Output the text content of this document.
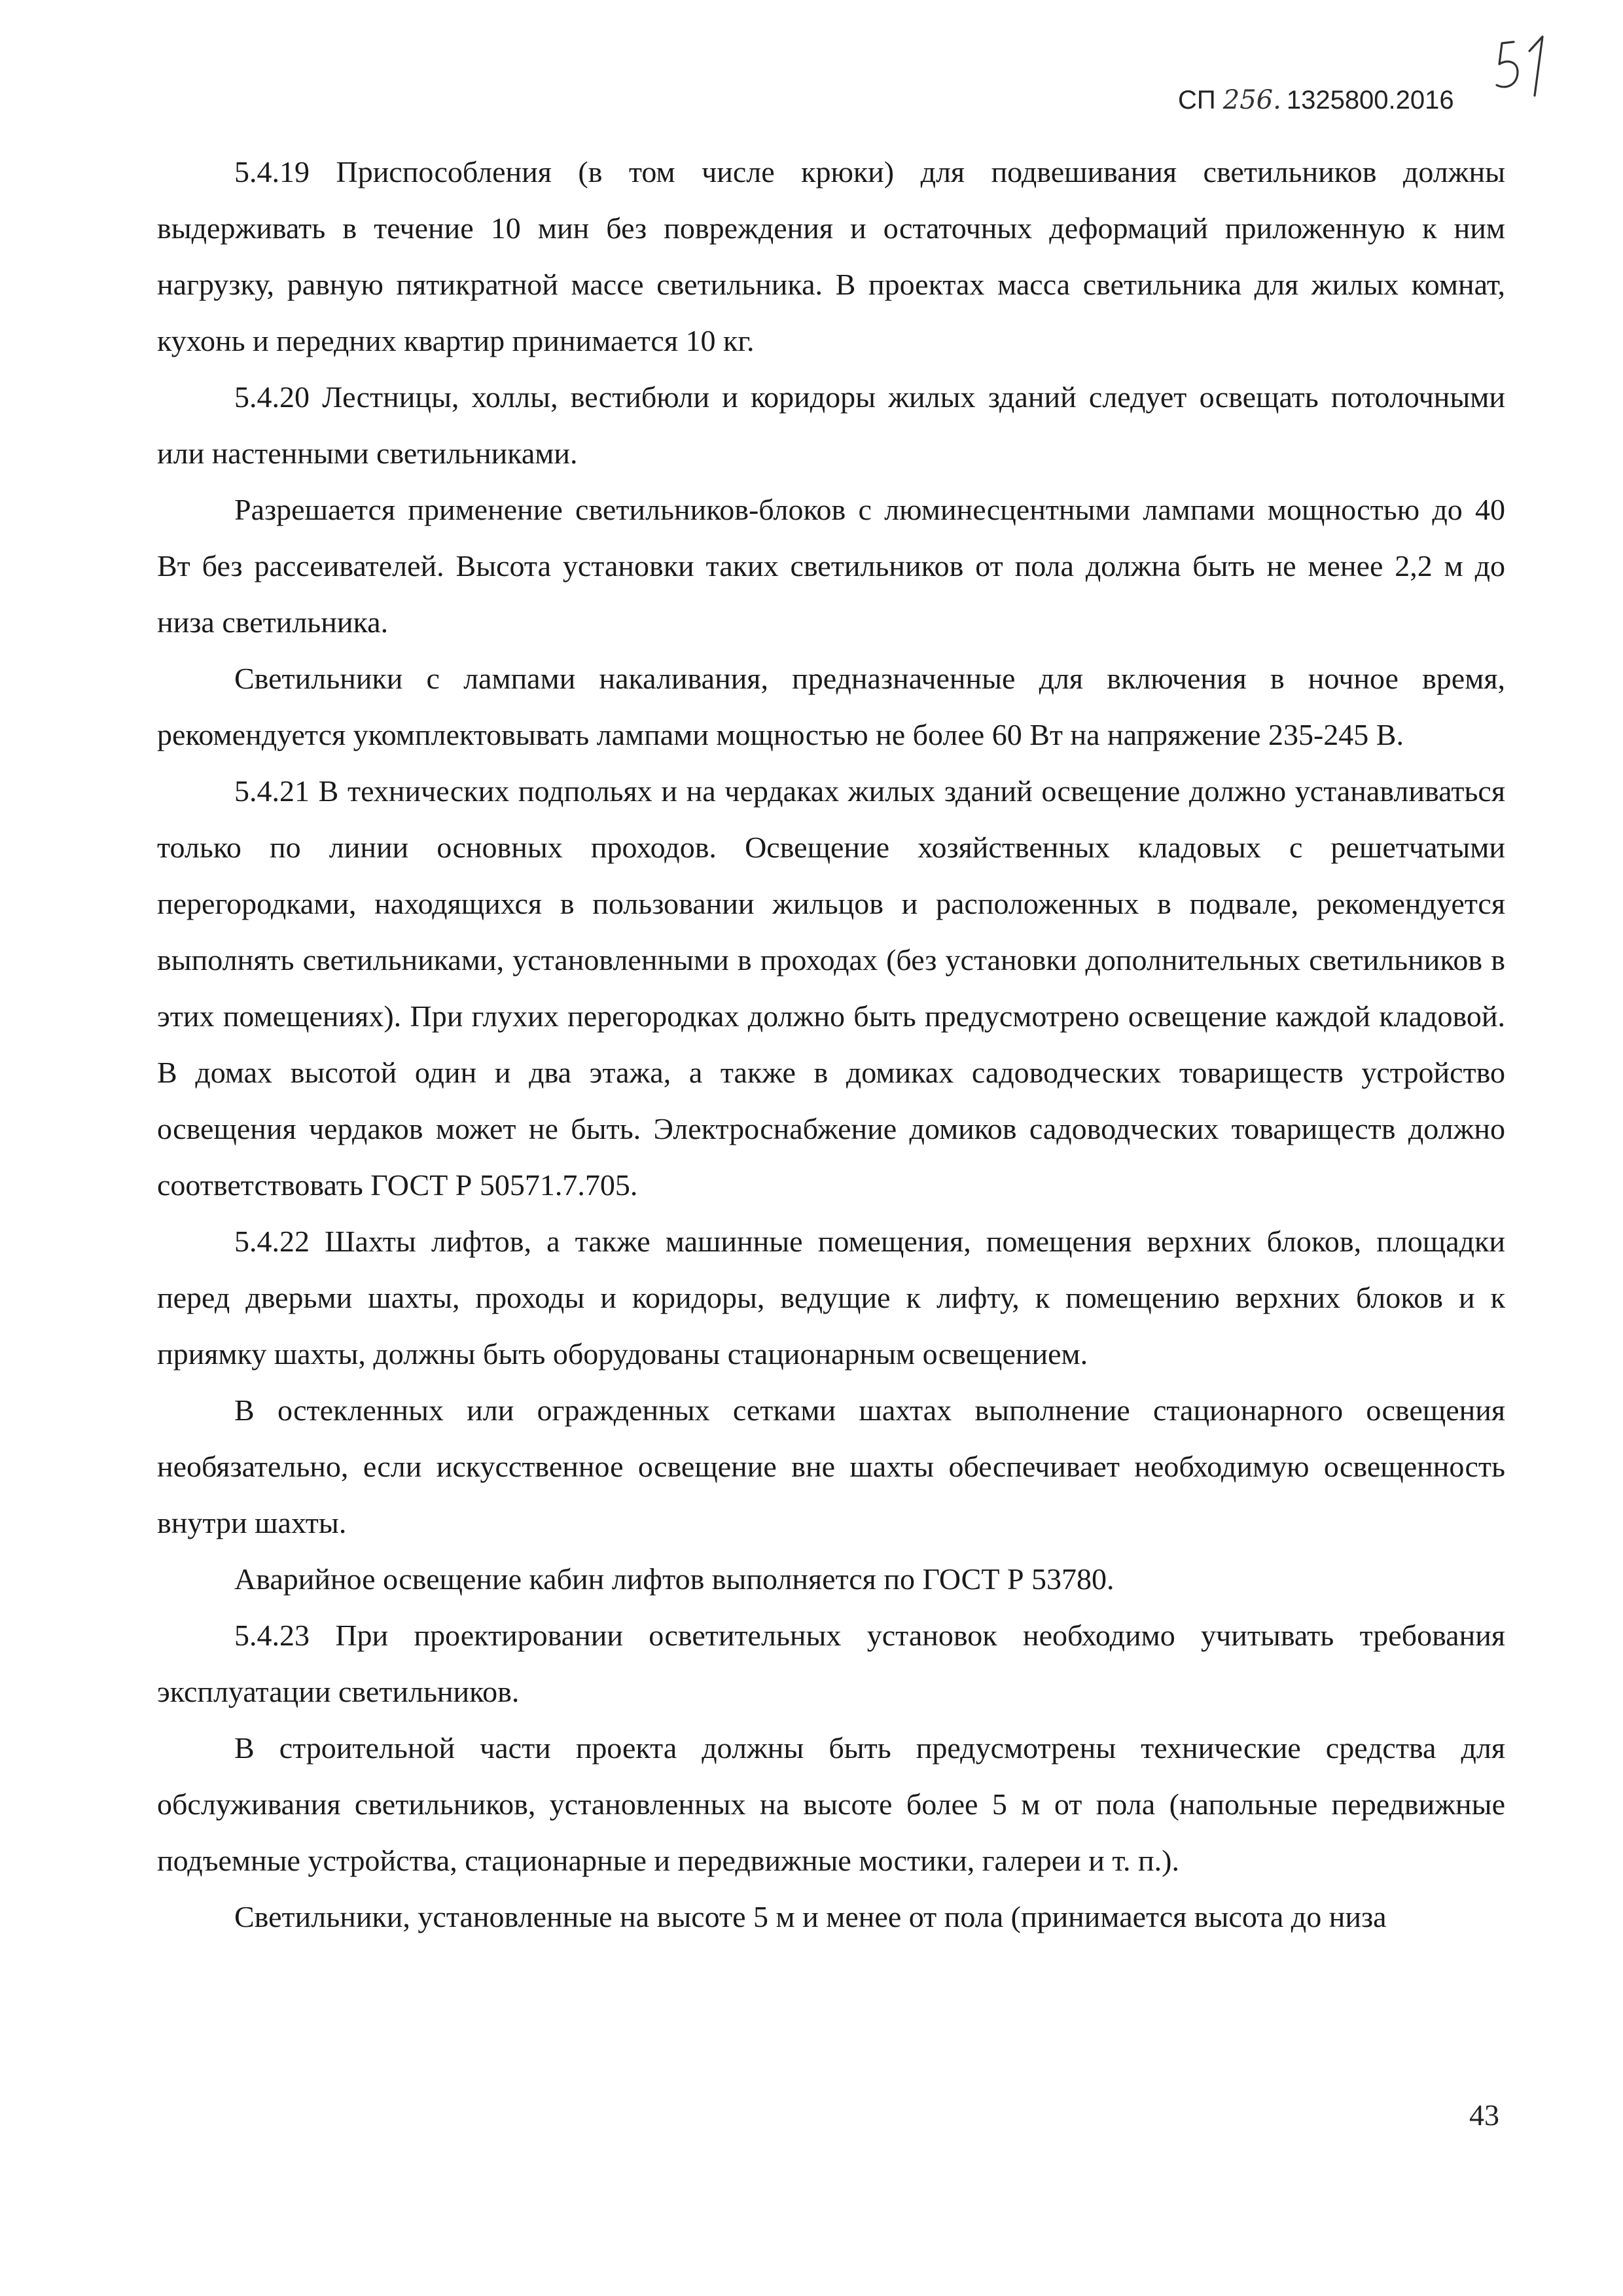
СП 256.  1325800.2016

5.4.19 Приспособления (в том числе крюки) для подвешивания светильников должны выдерживать в течение 10 мин без повреждения и остаточных деформаций приложенную к ним нагрузку, равную пятикратной массе светильника. В проектах масса светильника для жилых комнат, кухонь и передних квартир принимается 10 кг.

5.4.20 Лестницы, холлы, вестибюли и коридоры жилых зданий следует освещать потолочными или настенными светильниками.

Разрешается применение светильников-блоков с люминесцентными лампами мощностью до 40 Вт без рассеивателей. Высота установки таких светильников от пола должна быть не менее 2,2 м до низа светильника.

Светильники с лампами накаливания, предназначенные для включения в ночное время, рекомендуется укомплектовывать лампами мощностью не более 60 Вт на напряжение 235-245 В.

5.4.21 В технических подпольях и на чердаках жилых зданий освещение должно устанавливаться только по линии основных проходов. Освещение хозяйственных кладовых с решетчатыми перегородками, находящихся в пользовании жильцов и расположенных в подвале, рекомендуется выполнять светильниками, установленными в проходах (без установки дополнительных светильников в этих помещениях). При глухих перегородках должно быть предусмотрено освещение каждой кладовой. В домах высотой один и два этажа, а также в домиках садоводческих товариществ устройство освещения чердаков может не быть. Электроснабжение домиков садоводческих товариществ должно соответствовать ГОСТ Р 50571.7.705.

5.4.22 Шахты лифтов, а также машинные помещения, помещения верхних блоков, площадки перед дверьми шахты, проходы и коридоры, ведущие к лифту, к помещению верхних блоков и к приямку шахты, должны быть оборудованы стационарным освещением.

В остекленных или огражденных сетками шахтах выполнение стационарного освещения необязательно, если искусственное освещение вне шахты обеспечивает необходимую освещенность внутри шахты.

Аварийное освещение кабин лифтов выполняется по ГОСТ Р 53780.

5.4.23 При проектировании осветительных установок необходимо учитывать требования эксплуатации светильников.

В строительной части проекта должны быть предусмотрены технические средства для обслуживания светильников, установленных на высоте более 5 м от пола (напольные передвижные подъемные устройства, стационарные и передвижные мостики, галереи и т. п.).

Светильники, установленные на высоте 5 м и менее от пола (принимается высота до низа

43
